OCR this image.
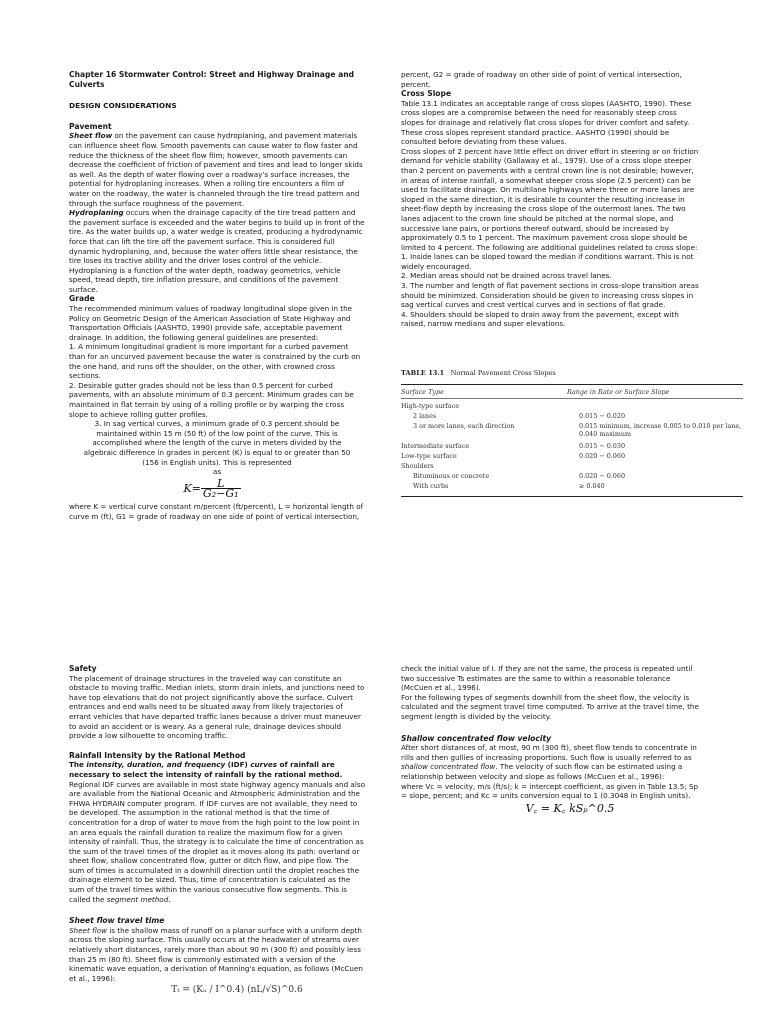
Chapter 16 Stormwater Control: Street and Highway Drainage and Culverts

DESIGN CONSIDERATIONS

Pavement

Sheet flow on the pavement can cause hydroplaning, and pavement materials can influence sheet flow. Smooth pavements can cause water to flow faster and reduce the thickness of the sheet flow film; however, smooth pavements can decrease the coefficient of friction of pavement and tires and lead to longer skids as well. As the depth of water flowing over a roadway's surface increases, the potential for hydroplaning increases. When a rolling tire encounters a film of water on the roadway, the water is channeled through the tire tread pattern and through the surface roughness of the pavement.

Hydroplaning occurs when the drainage capacity of the tire tread pattern and the pavement surface is exceeded and the water begins to build up in front of the tire. As the water builds up, a water wedge is created, producing a hydrodynamic force that can lift the tire off the pavement surface. This is considered full dynamic hydroplaning, and, because the water offers little shear resistance, the tire loses its tractive ability and the driver loses control of the vehicle. Hydroplaning is a function of the water depth, roadway geometrics, vehicle speed, tread depth, tire inflation pressure, and conditions of the pavement surface.

Grade

The recommended minimum values of roadway longitudinal slope given in the Policy on Geometric Design of the American Association of State Highway and Transportation Officials (AASHTO, 1990) provide safe, acceptable pavement drainage. In addition, the following general guidelines are presented:

1. A minimum longitudinal gradient is more important for a curbed pavement than for an uncurved pavement because the water is constrained by the curb on the one hand, and runs off the shoulder, on the other, with crowned cross sections.

2. Desirable gutter grades should not be less than 0.5 percent for curbed pavements, with an absolute minimum of 0.3 percent. Minimum grades can be maintained in flat terrain by using of a rolling profile or by warping the cross slope to achieve rolling gutter profiles.

3. In sag vertical curves, a minimum grade of 0.3 percent should be maintained within 15 m (50 ft) of the low point of the curve. This is accomplished where the length of the curve in meters divided by the algebraic difference in grades in percent (K) is equal to or greater than 50 (156 in English units). This is represented

as

$K= \frac{L}{\text{G₂−G₁}}$

where K = vertical curve constant m/percent (ft/percent), L = horizontal length of curve m (ft), G1 = grade of roadway on one side of point of vertical intersection,

percent, G2 = grade of roadway on other side of point of vertical intersection, percent.

Cross Slope

Table 13.1 indicates an acceptable range of cross slopes (AASHTO, 1990). These cross slopes are a compromise between the need for reasonably steep cross slopes for drainage and relatively flat cross slopes for driver comfort and safety. These cross slopes represent standard practice. AASHTO (1990) should be consulted before deviating from these values.

Cross slopes of 2 percent have little effect on driver effort in steering or on friction demand for vehicle stability (Gallaway et al., 1979). Use of a cross slope steeper than 2 percent on pavements with a central crown line is not desirable; however, in areas of intense rainfall, a somewhat steeper cross slope (2.5 percent) can be used to facilitate drainage. On multilane highways where three or more lanes are sloped in the same direction, it is desirable to counter the resulting increase in sheet-flow depth by increasing the cross slope of the outermost lanes. The two lanes adjacent to the crown line should be pitched at the normal slope, and successive lane pairs, or portions thereof outward, should be increased by approximately 0.5 to 1 percent. The maximum pavement cross slope should be limited to 4 percent. The following are additional guidelines related to cross slope:

1. Inside lanes can be sloped toward the median if conditions warrant. This is not widely encouraged.

2. Median areas should not be drained across travel lanes.

3. The number and length of flat pavement sections in cross-slope transition areas should be minimized. Consideration should be given to increasing cross slopes in sag vertical curves and crest vertical curves and in sections of flat grade.

4. Shoulders should be sloped to drain away from the pavement, except with raised, narrow medians and super elevations.

TABLE 13.1 Normal Pavement Cross Slopes
Surface Type	Range in Rate or Surface Slope
High-type surface	
2 lanes	0.015 − 0.020
3 or more lanes, each direction	0.015 minimum, increase 0.005 to 0.010 per lane, 0.040 maximum
Intermediate surface	0.015 − 0.030
Low-type surface	0.020 − 0.060
Shoulders	
Bituminous or concrete	0.020 − 0.060
With curbs	≥ 0.040

Safety

The placement of drainage structures in the traveled way can constitute an obstacle to moving traffic. Median inlets, storm drain inlets, and junctions need to have top elevations that do not project significantly above the surface. Culvert entrances and end walls need to be situated away from likely trajectories of errant vehicles that have departed traffic lanes because a driver must maneuver to avoid an accident or is weary. As a general rule, drainage devices should provide a low silhouette to oncoming traffic.

Rainfall Intensity by the Rational Method

The intensity, duration, and frequency (IDF) curves of rainfall are necessary to select the intensity of rainfall by the rational method. Regional IDF curves are available in most state highway agency manuals and also are available from the National Oceanic and Atmospheric Administration and the FHWA HYDRAIN computer program. If IDF curves are not available, they need to be developed. The assumption in the rational method is that the time of concentration for a drop of water to move from the high point to the low point in an area equals the rainfall duration to realize the maximum flow for a given intensity of rainfall. Thus, the strategy is to calculate the time of concentration as the sum of the travel times of the droplet as it moves along its path: overland or sheet flow, shallow concentrated flow, gutter or ditch flow, and pipe flow. The sum of times is accumulated in a downhill direction until the droplet reaches the drainage element to be sized. Thus, time of concentration is calculated as the sum of the travel times within the various consecutive flow segments. This is called the segment method.

Sheet flow travel time

Sheet flow is the shallow mass of runoff on a planar surface with a uniform depth across the sloping surface. This usually occurs at the headwater of streams over relatively short distances, rarely more than about 90 m (300 ft) and possibly less than 25 m (80 ft). Sheet flow is commonly estimated with a version of the kinematic wave equation, a derivation of Manning's equation, as follows (McCuen et al., 1996):

Tₜ = (Kᵤ / I^0.4) (nL/√S)^0.6

check the initial value of I. If they are not the same, the process is repeated until two successive Ts estimates are the same to within a reasonable tolerance (McCuen et al., 1996).

For the following types of segments downhill from the sheet flow, the velocity is calculated and the segment travel time computed. To arrive at the travel time, the segment length is divided by the velocity.

Shallow concentrated flow velocity

After short distances of, at most, 90 m (300 ft), sheet flow tends to concentrate in rills and then gullies of increasing proportions. Such flow is usually referred to as shallow concentrated flow. The velocity of such flow can be estimated using a relationship between velocity and slope as follows (McCuen et al., 1996):

where Vc = velocity, m/s (ft/s); k = intercept coefficient, as given in Table 13.5; Sp = slope, percent; and Kc = units conversion equal to 1 (0.3048 in English units).

V꜀ = K꜀ kSₚ^0.5
